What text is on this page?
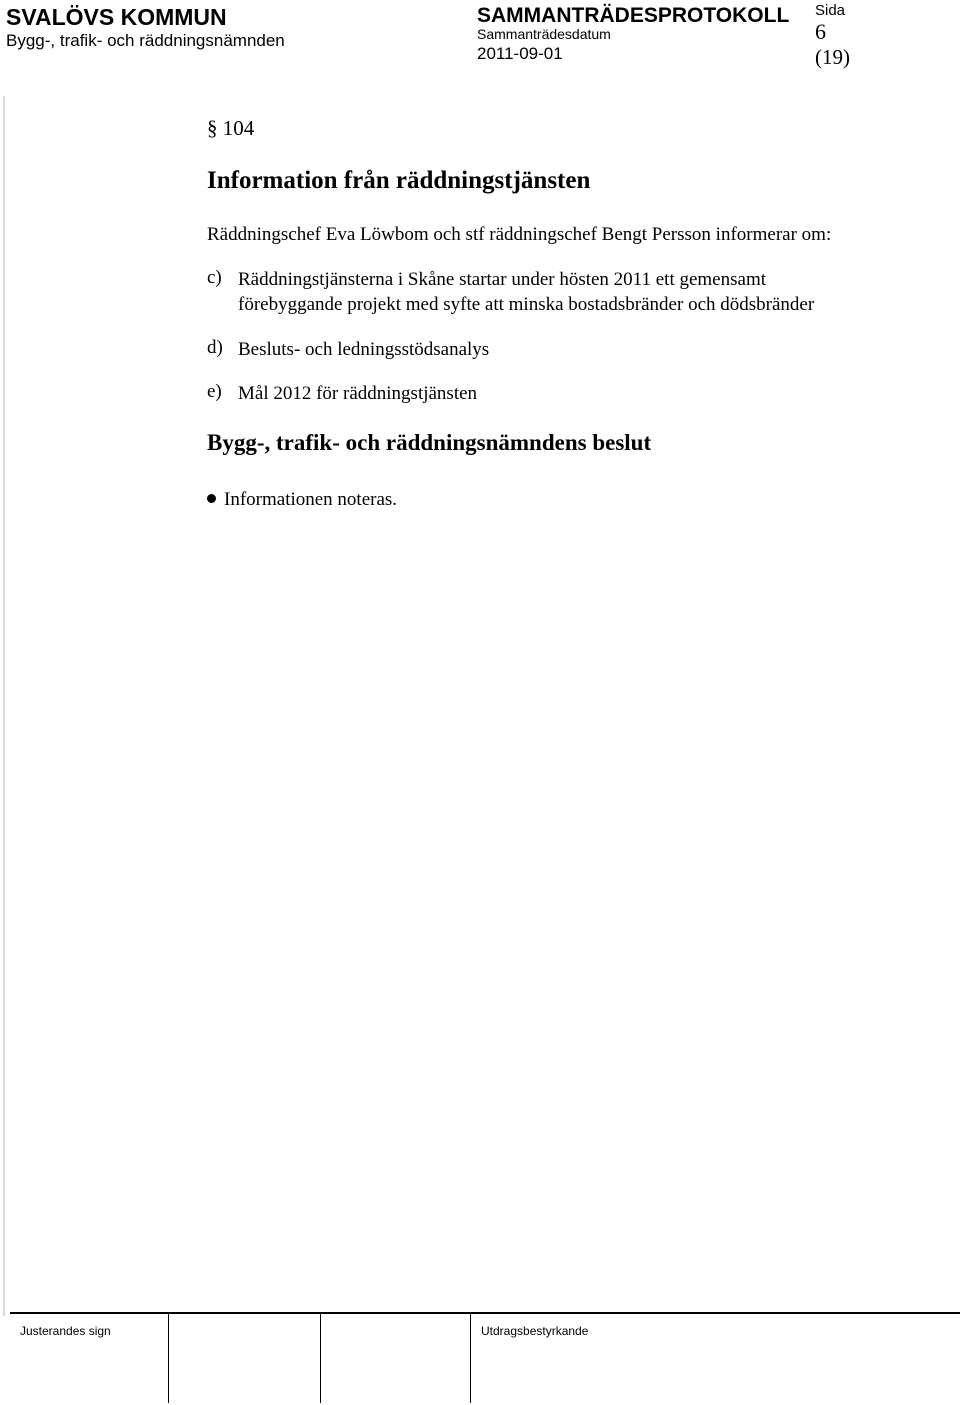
SVALÖVS KOMMUN
Bygg-, trafik- och räddningsnämnden
SAMMANTRÄDESPROTOKOLL
Sammanträdesdatum
2011-09-01
Sida
6
(19)
§ 104
Information från räddningstjänsten
Räddningschef Eva Löwbom och stf räddningschef Bengt Persson informerar om:
c) Räddningstjänsterna i Skåne startar under hösten 2011 ett gemensamt
förebyggande projekt med syfte att minska bostadsbränder och dödsbränder
d) Besluts- och ledningsstödsanalys
e) Mål 2012 för räddningstjänsten
Bygg-, trafik- och räddningsnämndens beslut
Informationen noteras.
Justerandes sign	Utdragsbestyrkande
